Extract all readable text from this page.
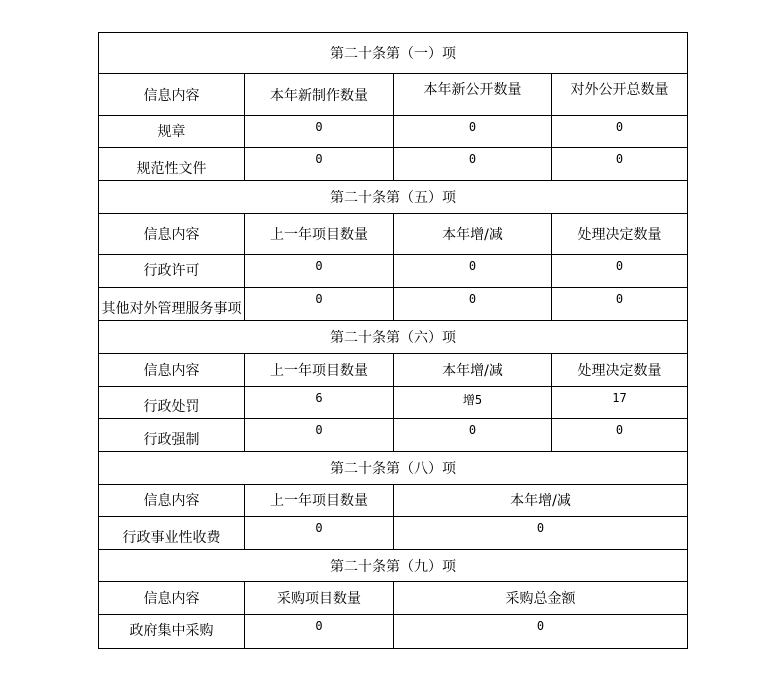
第二十条第（一）项			
信息内容	本年新制作数量	本年新公开数量	对外公开总数量
规章	0	0	0
规范性文件	0	0	0
第二十条第（五）项			
信息内容	上一年项目数量	本年增/减	处理决定数量
行政许可	0	0	0
其他对外管理服务事项	0	0	0
第二十条第（六）项			
信息内容	上一年项目数量	本年增/减	处理决定数量
行政处罚	6	增5	17
行政强制	0	0	0
第二十条第（八）项			
信息内容	上一年项目数量	本年增/减	
行政事业性收费	0	0	
第二十条第（九）项			
信息内容	采购项目数量	采购总金额	
政府集中采购	0	0	
